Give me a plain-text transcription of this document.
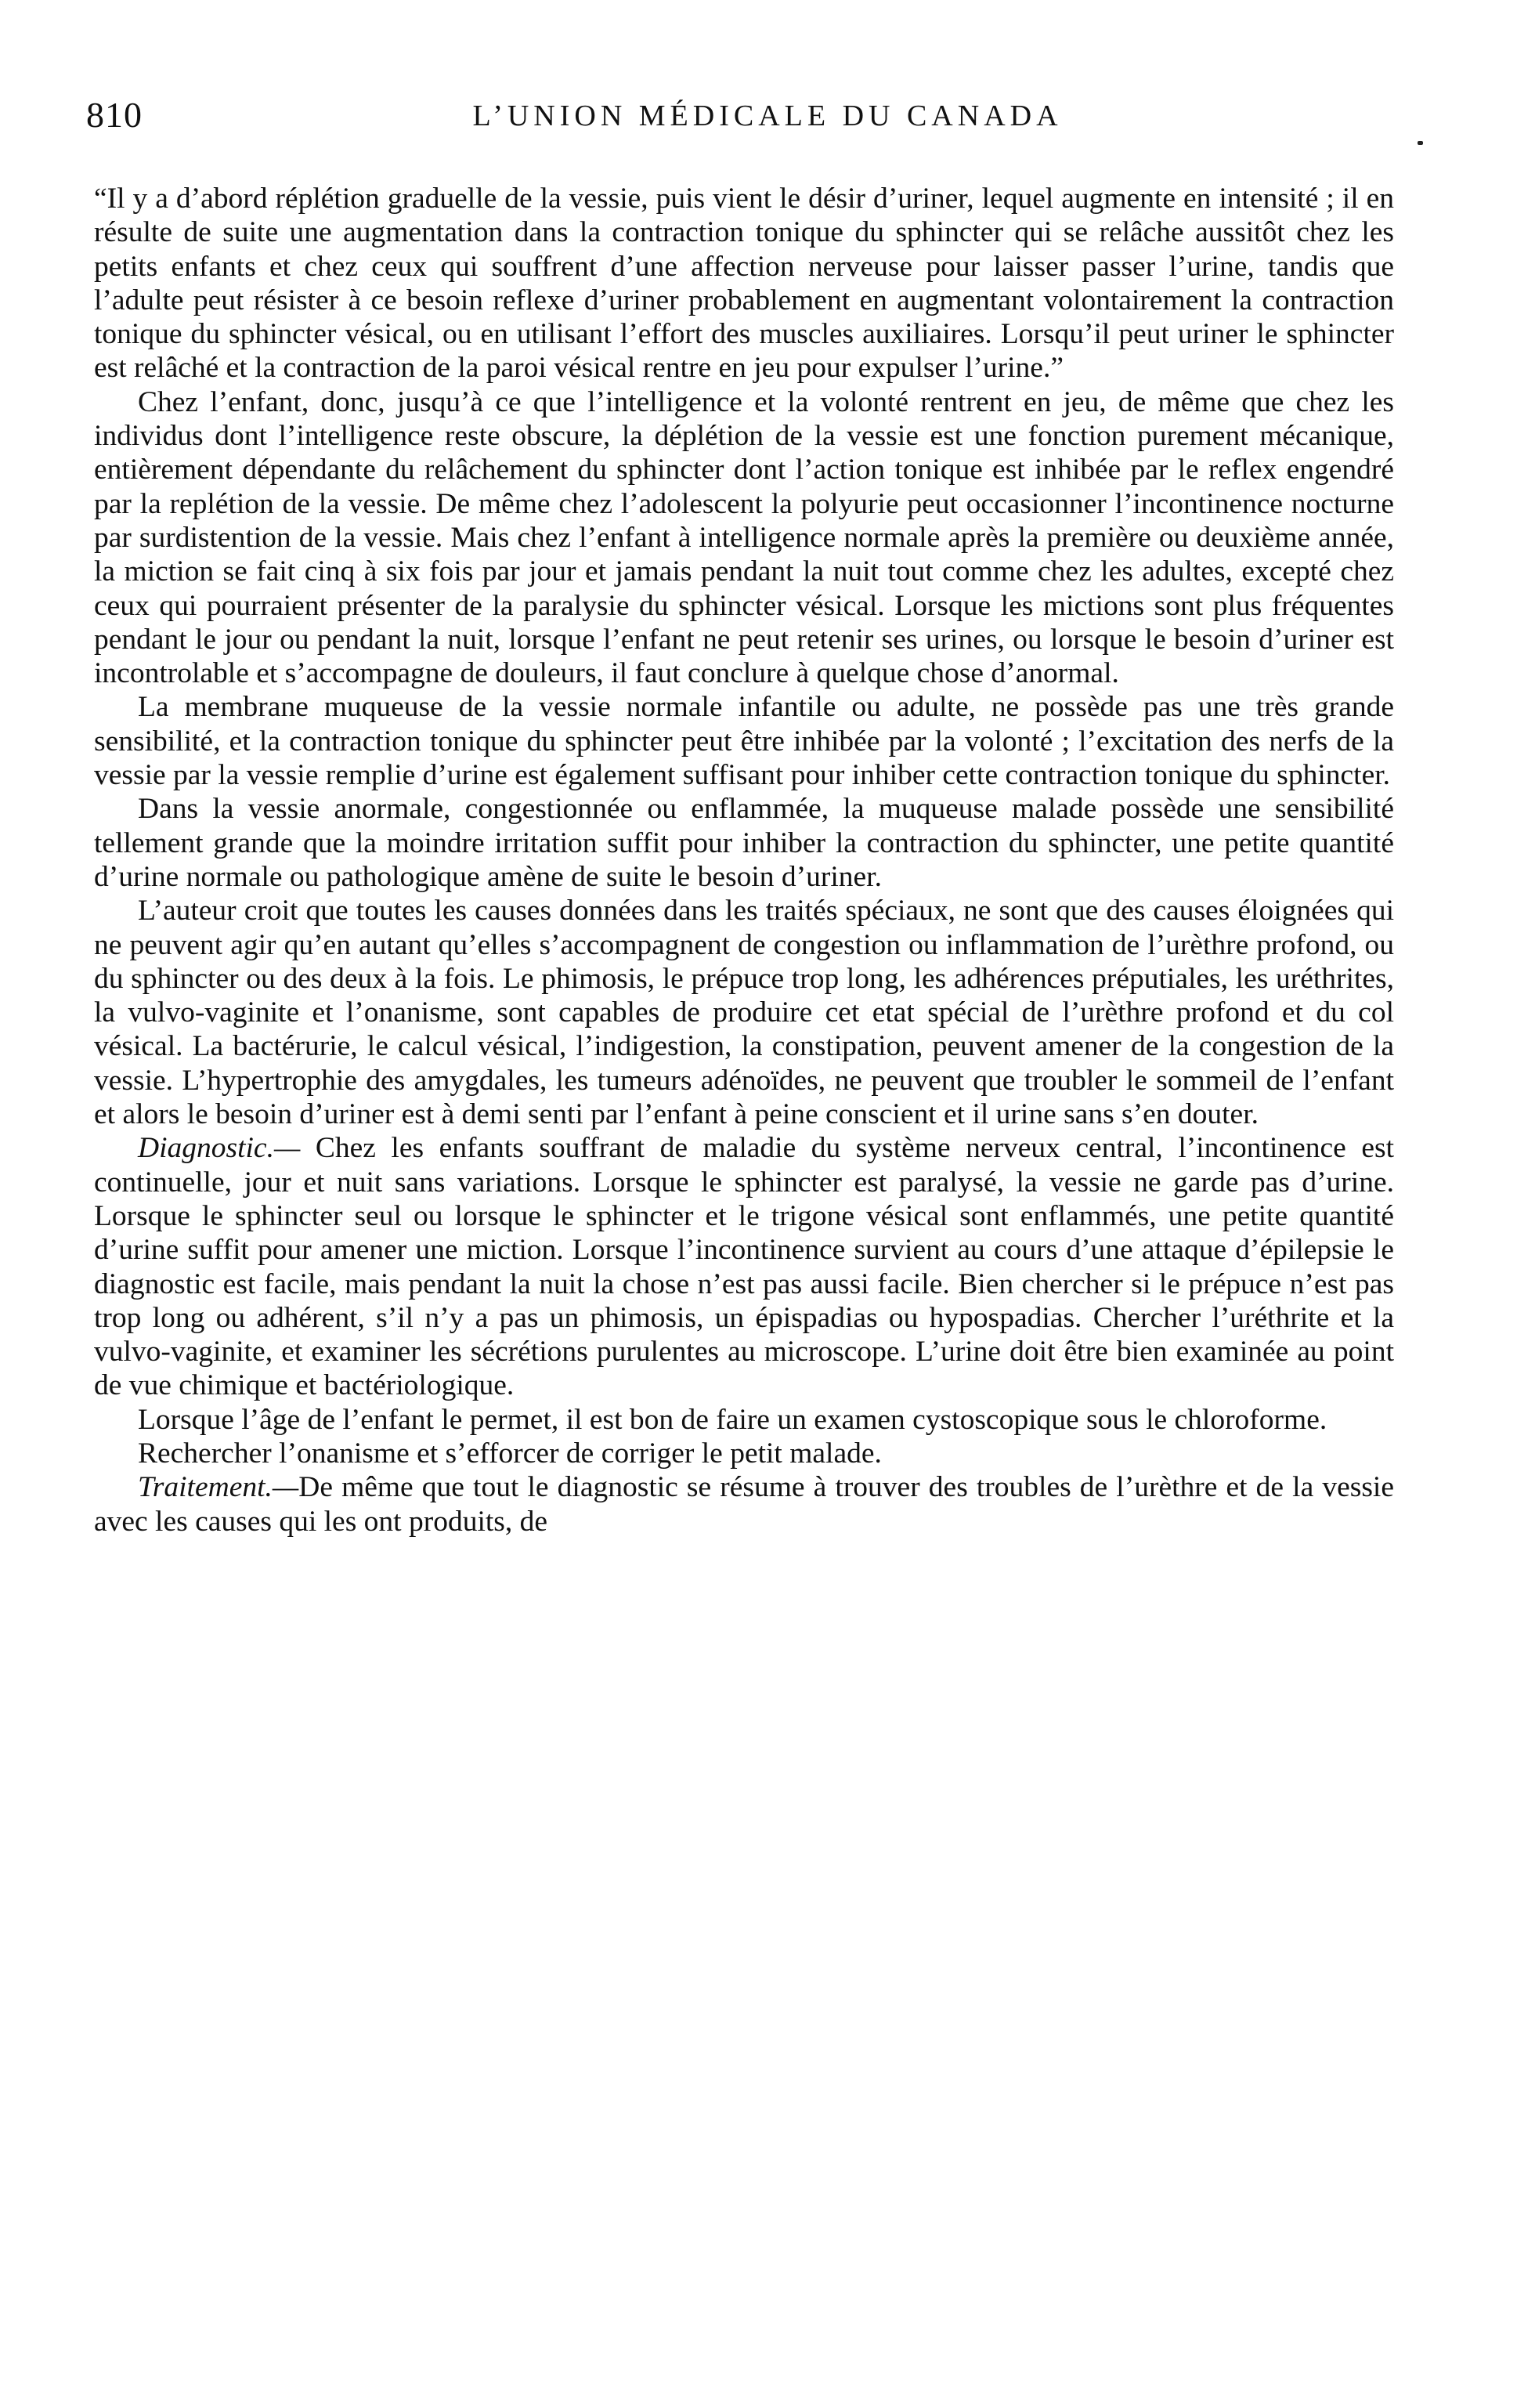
810	L’UNION MÉDICALE DU CANADA

“Il y a d’abord réplétion graduelle de la vessie, puis vient le désir d’uriner, lequel augmente en intensité ; il en résulte de suite une augmentation dans la contraction tonique du sphincter qui se relâche aussitôt chez les petits enfants et chez ceux qui souffrent d’une affection nerveuse pour laisser passer l’urine, tandis que l’adulte peut résister à ce besoin reflexe d’uriner probablement en augmentant volontairement la contraction tonique du sphincter vésical, ou en utilisant l’effort des muscles auxiliaires. Lorsqu’il peut uriner le sphincter est relâché et la contraction de la paroi vésical rentre en jeu pour expulser l’urine.”

Chez l’enfant, donc, jusqu’à ce que l’intelligence et la volonté rentrent en jeu, de même que chez les individus dont l’intelligence reste obscure, la déplétion de la vessie est une fonction purement mécanique, entièrement dépendante du relâchement du sphincter dont l’action tonique est inhibée par le reflex engendré par la replétion de la vessie. De même chez l’adolescent la polyurie peut occasionner l’incontinence nocturne par surdistention de la vessie. Mais chez l’enfant à intelligence normale après la première ou deuxième année, la miction se fait cinq à six fois par jour et jamais pendant la nuit tout comme chez les adultes, excepté chez ceux qui pourraient présenter de la paralysie du sphincter vésical. Lorsque les mictions sont plus fréquentes pendant le jour ou pendant la nuit, lorsque l’enfant ne peut retenir ses urines, ou lorsque le besoin d’uriner est incontrolable et s’accompagne de douleurs, il faut conclure à quelque chose d’anormal.

La membrane muqueuse de la vessie normale infantile ou adulte, ne possède pas une très grande sensibilité, et la contraction tonique du sphincter peut être inhibée par la volonté ; l’excitation des nerfs de la vessie par la vessie remplie d’urine est également suffisant pour inhiber cette contraction tonique du sphincter.

Dans la vessie anormale, congestionnée ou enflammée, la muqueuse malade possède une sensibilité tellement grande que la moindre irritation suffit pour inhiber la contraction du sphincter, une petite quantité d’urine normale ou pathologique amène de suite le besoin d’uriner.

L’auteur croit que toutes les causes données dans les traités spéciaux, ne sont que des causes éloignées qui ne peuvent agir qu’en autant qu’elles s’accompagnent de congestion ou inflammation de l’urèthre profond, ou du sphincter ou des deux à la fois. Le phimosis, le prépuce trop long, les adhérences préputiales, les uréthrites, la vulvo-vaginite et l’onanisme, sont capables de produire cet etat spécial de l’urèthre profond et du col vésical. La bactérurie, le calcul vésical, l’indigestion, la constipation, peuvent amener de la congestion de la vessie. L’hypertrophie des amygdales, les tumeurs adénoïdes, ne peuvent que troubler le sommeil de l’enfant et alors le besoin d’uriner est à demi senti par l’enfant à peine conscient et il urine sans s’en douter.

Diagnostic.— Chez les enfants souffrant de maladie du système nerveux central, l’incontinence est continuelle, jour et nuit sans variations. Lorsque le sphincter est paralysé, la vessie ne garde pas d’urine. Lorsque le sphincter seul ou lorsque le sphincter et le trigone vésical sont enflammés, une petite quantité d’urine suffit pour amener une miction. Lorsque l’incontinence survient au cours d’une attaque d’épilepsie le diagnostic est facile, mais pendant la nuit la chose n’est pas aussi facile. Bien chercher si le prépuce n’est pas trop long ou adhérent, s’il n’y a pas un phimosis, un épispadias ou hypospadias. Chercher l’uréthrite et la vulvo-vaginite, et examiner les sécrétions purulentes au microscope. L’urine doit être bien examinée au point de vue chimique et bactériologique.

Lorsque l’âge de l’enfant le permet, il est bon de faire un examen cystoscopique sous le chloroforme.

Rechercher l’onanisme et s’efforcer de corriger le petit malade.

Traitement.—De même que tout le diagnostic se résume à trouver des troubles de l’urèthre et de la vessie avec les causes qui les ont produits, de
